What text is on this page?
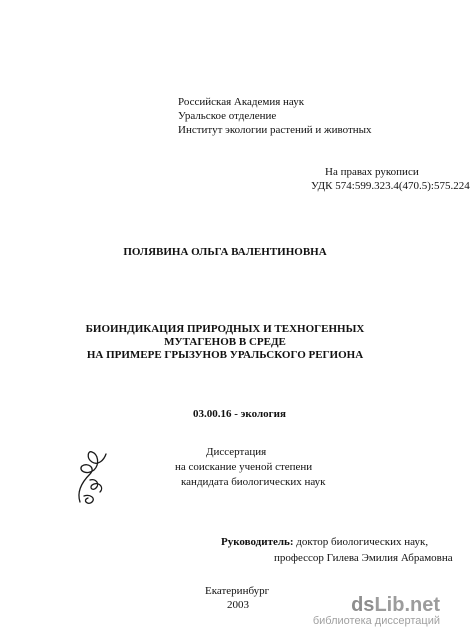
Российская Академия наук
Уральское отделение
Институт экологии растений и животных
На правах рукописи
УДК 574:599.323.4(470.5):575.224
ПОЛЯВИНА ОЛЬГА ВАЛЕНТИНОВНА
БИОИНДИКАЦИЯ ПРИРОДНЫХ И ТЕХНОГЕННЫХ
МУТАГЕНОВ В СРЕДЕ
НА ПРИМЕРЕ ГРЫЗУНОВ УРАЛЬСКОГО РЕГИОНА
03.00.16 - экология
Диссертация
на соискание ученой степени
кандидата биологических наук
Руководитель: доктор биологических наук,
профессор Гилева Эмилия Абрамовна
Екатеринбург
2003	dsLib.net
библиотека диссертаций
